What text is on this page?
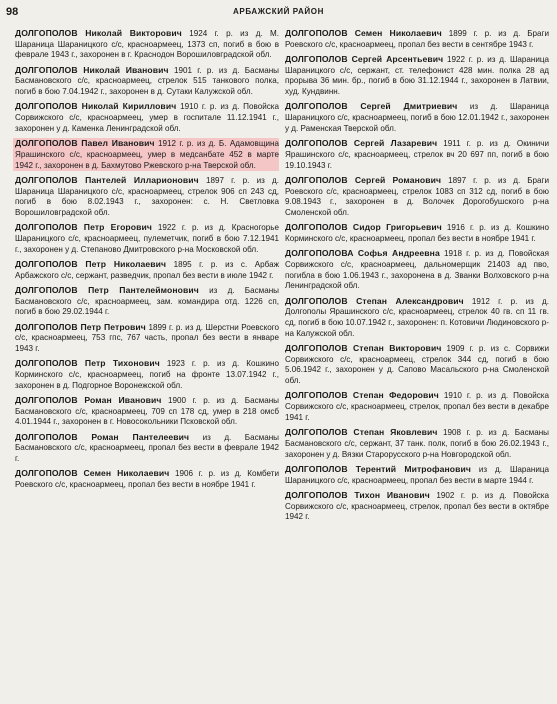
98	АРБАЖСКИЙ РАЙОН

ДОЛГОПОЛОВ Николай Викторович 1924 г. р. из д. М. Шараница Шараницкого с/с, красноармеец, 1373 сп, погиб в бою в феврале 1943 г., захоронен в г. Краснодон Ворошиловградской обл.

ДОЛГОПОЛОВ Николай Иванович 1901 г. р. из д. Басманы Басмановского с/с, красноармеец, стрелок 515 танкового полка, погиб в бою 7.04.1942 г., захоронен в д. Сутаки Калужской обл.

ДОЛГОПОЛОВ Николай Кириллович 1910 г. р. из д. Повойска Сорвижского с/с, красноармеец, умер в госпитале 11.12.1941 г., захоронен у д. Каменка Ленинградской обл.

ДОЛГОПОЛОВ Павел Иванович 1912 г. р. из д. Б. Адамовщина Ярашинского с/с, красноармеец, умер в медсанбате 452 в марте 1942 г., захоронен в д. Бахмутово Ржевского р-на Тверской обл.

ДОЛГОПОЛОВ Пантелей Илларионович 1897 г. р. из д. Шараница Шараницкого с/с, красноармеец, стрелок 906 сп 243 сд, погиб в бою 8.02.1943 г., захоронен: с. Н. Светловка Ворошиловградской обл.

ДОЛГОПОЛОВ Петр Егорович 1922 г. р. из д. Красногорье Шараницкого с/с, красноармеец, пулеметчик, погиб в бою 7.12.1941 г., захоронен у д. Степаново Дмитровского р-на Московской обл.

ДОЛГОПОЛОВ Петр Николаевич 1895 г. р. из с. Арбаж Арбажского с/с, сержант, разведчик, пропал без вести в июле 1942 г.

ДОЛГОПОЛОВ Петр Пантелеймонович из д. Басманы Басмановского с/с, красноармеец, зам. командира отд. 1226 сп, погиб в бою 29.02.1944 г.

ДОЛГОПОЛОВ Петр Петрович 1899 г. р. из д. Шерстни Роевского с/с, красноармеец, 753 гпс, 767 часть, пропал без вести в январе 1943 г.

ДОЛГОПОЛОВ Петр Тихонович 1923 г. р. из д. Кошкино Корминского с/с, красноармеец, погиб на фронте 13.07.1942 г., захоронен в д. Подгорное Воронежской обл.

ДОЛГОПОЛОВ Роман Иванович 1900 г. р. из д. Басманы Басмановского с/с, красноармеец, 709 сп 178 сд, умер в 218 омсб 4.01.1944 г., захоронен в г. Новосокольники Псковской обл.

ДОЛГОПОЛОВ Роман Пантелеевич из д. Басманы Басмановского с/с, красноармеец, пропал без вести в феврале 1942 г.

ДОЛГОПОЛОВ Семен Николаевич 1906 г. р. из д. Комбети Роевского с/с, красноармеец, пропал без вести в ноябре 1941 г.

ДОЛГОПОЛОВ Семен Николаевич 1899 г. р. из д. Браги Роевского с/с, красноармеец, пропал без вести в сентябре 1943 г.

ДОЛГОПОЛОВ Сергей Арсентьевич 1922 г. р. из д. Шараница Шараницкого с/с, сержант, ст. телефонист 428 мин. полка 28 ад прорыва 36 мин. бр., погиб в бою 31.12.1944 г., захоронен в Латвии, худ. Кундвинн.

ДОЛГОПОЛОВ Сергей Дмитриевич из д. Шараница Шараницкого с/с, красноармеец, погиб в бою 12.01.1942 г., захоронен у д. Раменская Тверской обл.

ДОЛГОПОЛОВ Сергей Лазаревич 1911 г. р. из д. Окиничи Ярашинского с/с, красноармеец, стрелок вч 20 697 пп, погиб в бою 19.10.1943 г.

ДОЛГОПОЛОВ Сергей Романович 1897 г. р. из д. Браги Роевского с/с, красноармеец, стрелок 1083 сп 312 сд, погиб в бою 9.08.1943 г., захоронен в д. Волочек Дорогобушского р-на Смоленской обл.

ДОЛГОПОЛОВ Сидор Григорьевич 1916 г. р. из д. Кошкино Корминского с/с, красноармеец, пропал без вести в ноябре 1941 г.

ДОЛГОПОЛОВА Софья Андреевна 1918 г. р. из д. Повойская Сорвижского с/с, красноармеец, дальномерщик 21403 ад пво, погибла в бою 1.06.1943 г., захоронена в д. Званки Волховского р-на Ленинградской обл.

ДОЛГОПОЛОВ Степан Александрович 1912 г. р. из д. Долгополы Ярашинского с/с, красноармеец, стрелок 40 гв. сп 11 гв. сд, погиб в бою 10.07.1942 г., захоронен: п. Котовичи Людиновского р-на Калужской обл.

ДОЛГОПОЛОВ Степан Викторович 1909 г. р. из с. Сорвижи Сорвижского с/с, красноармеец, стрелок 344 сд, погиб в бою 5.06.1942 г., захоронен у д. Сапово Масальского р-на Смоленской обл.

ДОЛГОПОЛОВ Степан Федорович 1910 г. р. из д. Повойска Сорвижского с/с, красноармеец, стрелок, пропал без вести в декабре 1941 г.

ДОЛГОПОЛОВ Степан Яковлевич 1908 г. р. из д. Басманы Басмановского с/с, сержант, 37 танк. полк, погиб в бою 26.02.1943 г., захоронен у д. Вязки Старорусского р-на Новгородской обл.

ДОЛГОПОЛОВ Терентий Митрофанович из д. Шараница Шараницкого с/с, красноармеец, пропал без вести в марте 1944 г.

ДОЛГОПОЛОВ Тихон Иванович 1902 г. р. из д. Повойска Сорвижского с/с, красноармеец, стрелок, пропал без вести в октябре 1942 г.
